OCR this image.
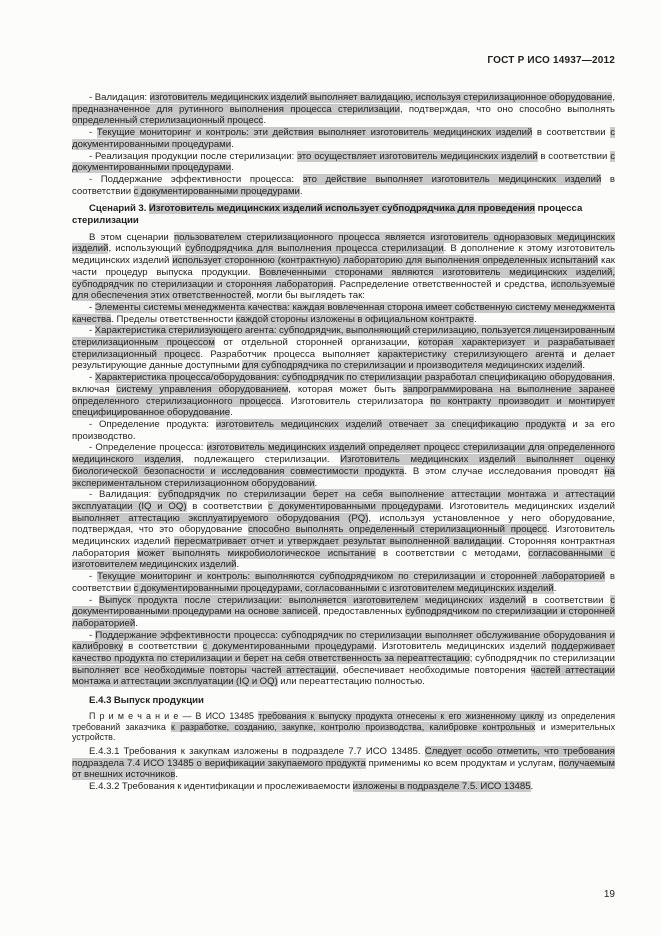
ГОСТ Р ИСО 14937—2012

- Валидация: изготовитель медицинских изделий выполняет валидацию, используя стерилизационное оборудование, предназначенное для рутинного выполнения процесса стерилизации, подтверждая, что оно способно выполнять определенный стерилизационный процесс.

- Текущие мониторинг и контроль: эти действия выполняет изготовитель медицинских изделий в соответствии с документированными процедурами.

- Реализация продукции после стерилизации: это осуществляет изготовитель медицинских изделий в соответствии с документированными процедурами.

- Поддержание эффективности процесса: это действие выполняет изготовитель медицинских изделий в соответствии с документированными процедурами.

Сценарий 3. Изготовитель медицинских изделий использует субподрядчика для проведения процесса стерилизации

В этом сценарии пользователем стерилизационного процесса является изготовитель одноразовых медицинских изделий, использующий субподрядчика для выполнения процесса стерилизации. В дополнение к этому изготовитель медицинских изделий использует стороннюю (контрактную) лабораторию для выполнения определенных испытаний как части процедур выпуска продукции. Вовлеченными сторонами являются изготовитель медицинских изделий, субподрядчик по стерилизации и сторонняя лаборатория. Распределение ответственностей и средства, используемые для обеспечения этих ответственностей, могли бы выглядеть так:

- Элементы системы менеджмента качества: каждая вовлеченная сторона имеет собственную систему менеджмента качества. Пределы ответственности каждой стороны изложены в официальном контракте.

- Характеристика стерилизующего агента: субподрядчик, выполняющий стерилизацию, пользуется лицензированным стерилизационным процессом от отдельной сторонней организации, которая характеризует и разрабатывает стерилизационный процесс. Разработчик процесса выполняет характеристику стерилизующего агента и делает результирующие данные доступными для субподрядчика по стерилизации и производителя медицинских изделий.

- Характеристика процесса/оборудования: субподрядчик по стерилизации разработал спецификацию оборудования, включая систему управления оборудованием, которая может быть запрограммирована на выполнение заранее определенного стерилизационного процесса. Изготовитель стерилизатора по контракту производит и монтирует специфицированное оборудование.

- Определение продукта: изготовитель медицинских изделий отвечает за спецификацию продукта и за его производство.

- Определение процесса: изготовитель медицинских изделий определяет процесс стерилизации для определенного медицинского изделия, подлежащего стерилизации. Изготовитель медицинских изделий выполняет оценку биологической безопасности и исследования совместимости продукта. В этом случае исследования проводят на экспериментальном стерилизационном оборудовании.

- Валидация: субподрядчик по стерилизации берет на себя выполнение аттестации монтажа и аттестации эксплуатации (IQ и OQ) в соответствии с документированными процедурами. Изготовитель медицинских изделий выполняет аттестацию эксплуатируемого оборудования (PQ), используя установленное у него оборудование, подтверждая, что это оборудование способно выполнять определенный стерилизационный процесс. Изготовитель медицинских изделий пересматривает отчет и утверждает результат выполненной валидации. Сторонняя контрактная лаборатория может выполнять микробиологическое испытание в соответствии с методами, согласованными с изготовителем медицинских изделий.

- Текущие мониторинг и контроль: выполняются субподрядчиком по стерилизации и сторонней лабораторией в соответствии с документированными процедурами, согласованными с изготовителем медицинских изделий.

- Выпуск продукта после стерилизации: выполняется изготовителем медицинских изделий в соответствии с документированными процедурами на основе записей, предоставленных субподрядчиком по стерилизации и сторонней лабораторией.

- Поддержание эффективности процесса: субподрядчик по стерилизации выполняет обслуживание оборудования и калибровку в соответствии с документированными процедурами. Изготовитель медицинских изделий поддерживает качество продукта по стерилизации и берет на себя ответственность за переаттестацию; субподрядчик по стерилизации выполняет все необходимые повторы частей аттестации, обеспечивает необходимые повторения частей аттестации монтажа и аттестации эксплуатации (IQ и OQ) или переаттестацию полностью.

Е.4.3 Выпуск продукции

П р и м е ч а н и е — В ИСО 13485 требования к выпуску продукта отнесены к его жизненному циклу из определения требований заказчика к разработке, созданию, закупке, контролю производства, калибровке контрольных и измерительных устройств.

Е.4.3.1 Требования к закупкам изложены в подразделе 7.7 ИСО 13485. Следует особо отметить, что требования подраздела 7.4 ИСО 13485 о верификации закупаемого продукта применимы ко всем продуктам и услугам, получаемым от внешних источников.

Е.4.3.2 Требования к идентификации и прослеживаемости изложены в подразделе 7.5. ИСО 13485.

19
